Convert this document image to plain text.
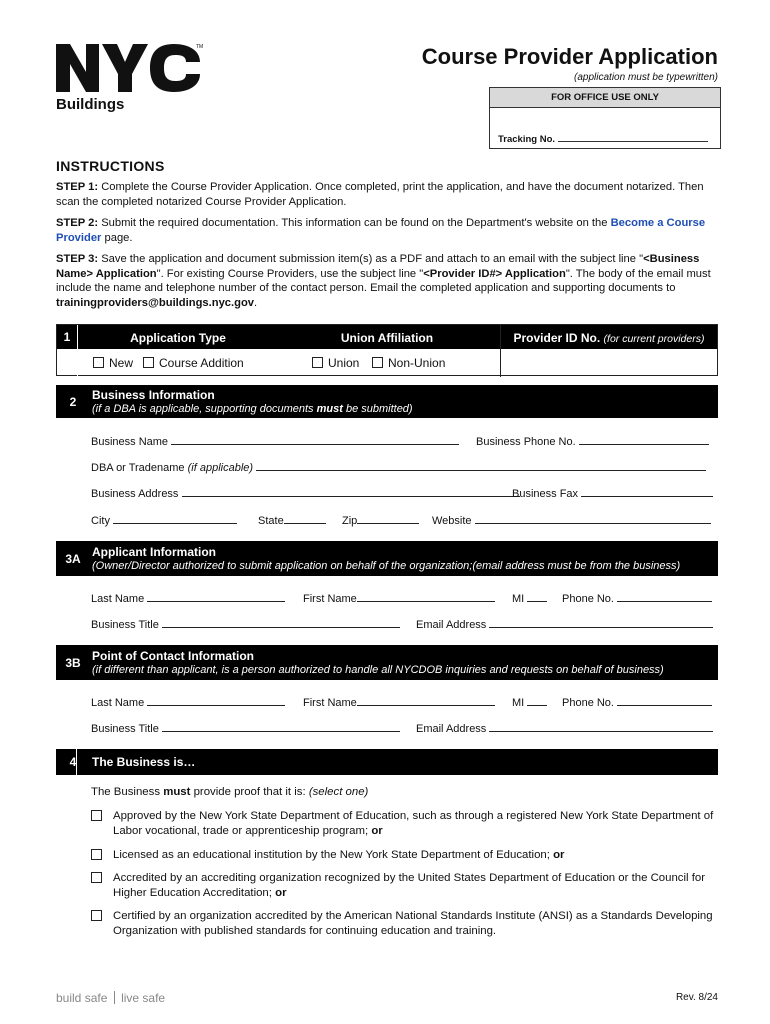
TM
Buildings
Course Provider Application
(application must be typewritten)
FOR OFFICE USE ONLY
Tracking No.
INSTRUCTIONS
STEP 1: Complete the Course Provider Application. Once completed, print the application, and have the document notarized. Then scan the completed notarized Course Provider Application.
STEP 2: Submit the required documentation. This information can be found on the Department's website on the Become a Course Provider page.
STEP 3: Save the application and document submission item(s) as a PDF and attach to an email with the subject line "<Business Name> Application". For existing Course Providers, use the subject line "<Provider ID#> Application". The body of the email must include the name and telephone number of the contact person. Email the completed application and supporting documents to trainingproviders@buildings.nyc.gov.
1	Application Type	Union Affiliation	Provider ID No. (for current providers)
New	Course Addition	Union	Non-Union
2	Business Information
(if a DBA is applicable, supporting documents must be submitted)
Business Name	Business Phone No.
DBA or Tradename (if applicable)
Business Address	Business Fax
City	State	Zip	Website
3A Applicant Information
(Owner/Director authorized to submit application on behalf of the organization;(email address must be from the business)
Last Name	First Name	MI	Phone No.
Business Title	Email Address
3B Point of Contact Information
(if different than applicant, is a person authorized to handle all NYCDOB inquiries and requests on behalf of business)
Last Name	First Name	MI	Phone No.
Business Title	Email Address
4	The Business is…
The Business must provide proof that it is: (select one)
Approved by the New York State Department of Education, such as through a registered New York State Department of Labor vocational, trade or apprenticeship program; or
Licensed as an educational institution by the New York State Department of Education; or
Accredited by an accrediting organization recognized by the United States Department of Education or the Council for Higher Education Accreditation; or
Certified by an organization accredited by the American National Standards Institute (ANSI) as a Standards Developing Organization with published standards for continuing education and training.
build safe live safe	Rev. 8/24
